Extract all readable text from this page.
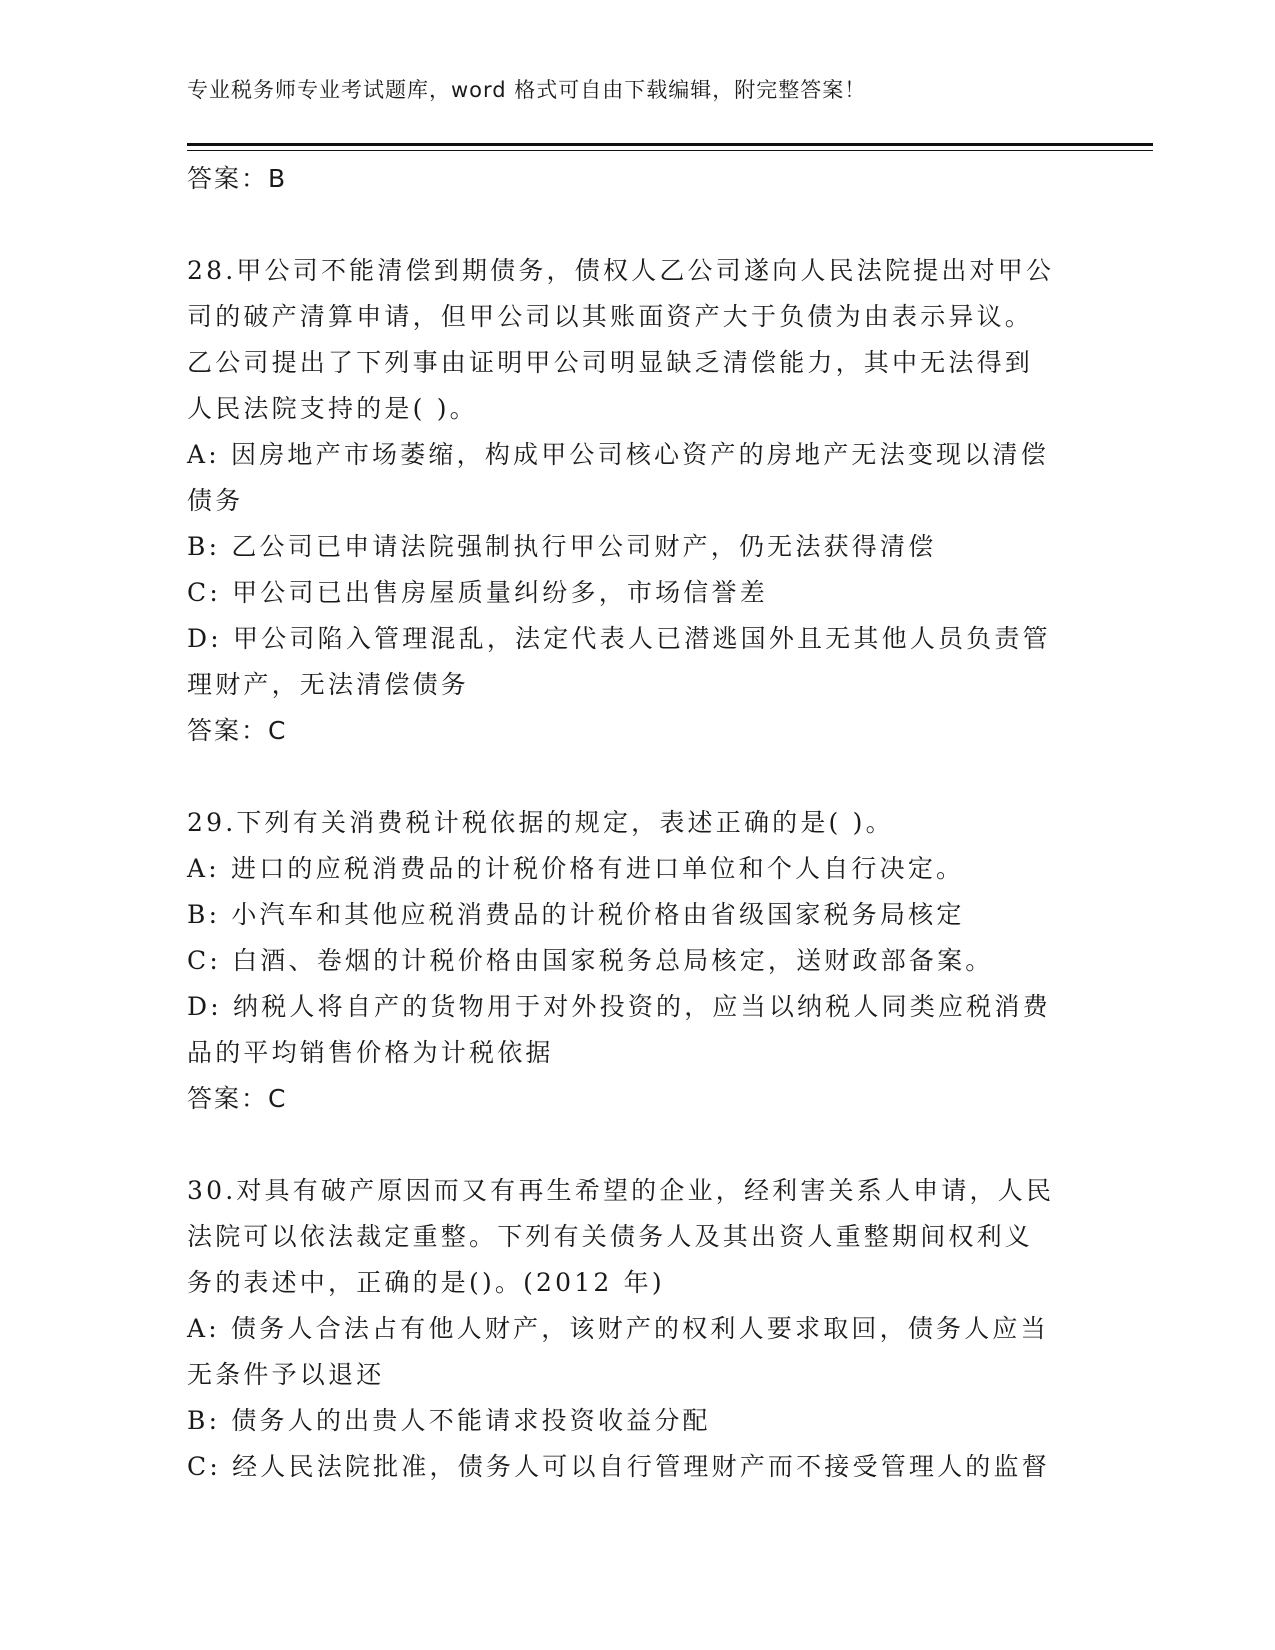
专业税务师专业考试题库，word 格式可自由下载编辑，附完整答案！
答案：B
28.甲公司不能清偿到期债务，债权人乙公司遂向人民法院提出对甲公
司的破产清算申请，但甲公司以其账面资产大于负债为由表示异议。
乙公司提出了下列事由证明甲公司明显缺乏清偿能力，其中无法得到
人民法院支持的是( )。
A: 因房地产市场萎缩，构成甲公司核心资产的房地产无法变现以清偿
债务
B: 乙公司已申请法院强制执行甲公司财产，仍无法获得清偿
C: 甲公司已出售房屋质量纠纷多，市场信誉差
D: 甲公司陷入管理混乱，法定代表人已潜逃国外且无其他人员负责管
理财产，无法清偿债务
答案：C
29.下列有关消费税计税依据的规定，表述正确的是( )。
A: 进口的应税消费品的计税价格有进口单位和个人自行决定。
B: 小汽车和其他应税消费品的计税价格由省级国家税务局核定
C: 白酒、卷烟的计税价格由国家税务总局核定，送财政部备案。
D: 纳税人将自产的货物用于对外投资的，应当以纳税人同类应税消费
品的平均销售价格为计税依据
答案：C
30.对具有破产原因而又有再生希望的企业，经利害关系人申请，人民
法院可以依法裁定重整。下列有关债务人及其出资人重整期间权利义
务的表述中，正确的是()。(2012 年)
A: 债务人合法占有他人财产，该财产的权利人要求取回，债务人应当
无条件予以退还
B: 债务人的出贵人不能请求投资收益分配
C: 经人民法院批准，债务人可以自行管理财产而不接受管理人的监督
